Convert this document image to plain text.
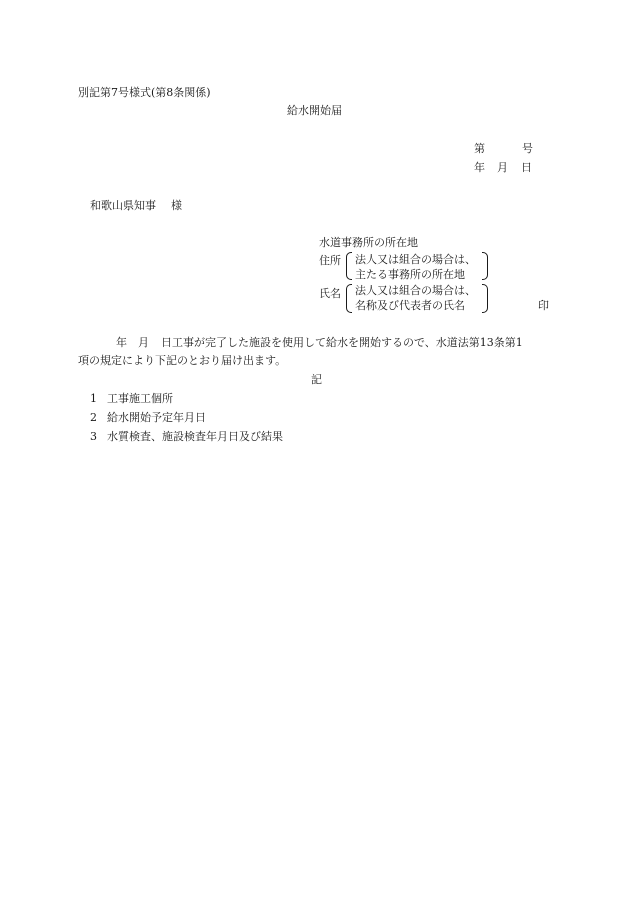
別記第7号様式(第8条関係)
給水開始届
第	号
年 月 日
和歌山県知事 様
水道事務所の所在地
住所 法人又は組合の場合は、
主たる事務所の所在地
氏名 法人又は組合の場合は、
名称及び代表者の氏名	印
年 月 日工事が完了した施設を使用して給水を開始するので、水道法第13条第1
項の規定により下記のとおり届け出ます。
記
1 工事施工個所
2 給水開始予定年月日
3 水質検査、施設検査年月日及び結果
